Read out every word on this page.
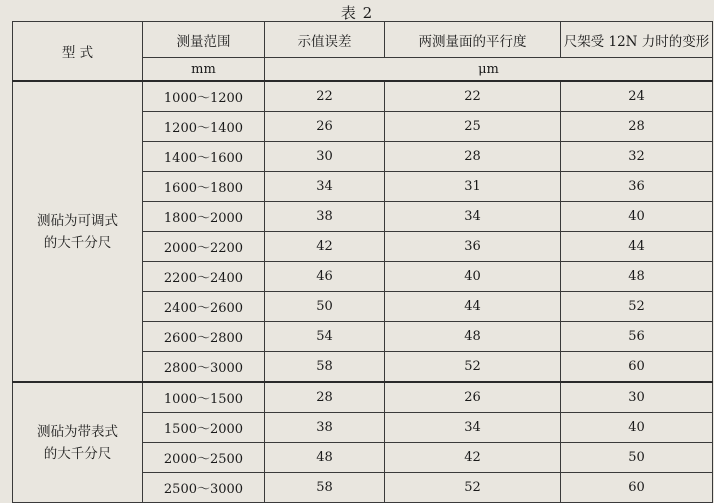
表 2
型 式	测量范围	示值误差	两测量面的平行度	尺架受 12N 力时的变形
	mm	μm		

测砧为可调式
的大千分尺	1000～1200	22	22	24
	1200～1400	26	25	28
	1400～1600	30	28	32
	1600～1800	34	31	36
	1800～2000	38	34	40
	2000～2200	42	36	44
	2200～2400	46	40	48
	2400～2600	50	44	52
	2600～2800	54	48	56
	2800～3000	58	52	60

测砧为带表式
的大千分尺	1000～1500	28	26	30
	1500～2000	38	34	40
	2000～2500	48	42	50
	2500～3000	58	52	60
